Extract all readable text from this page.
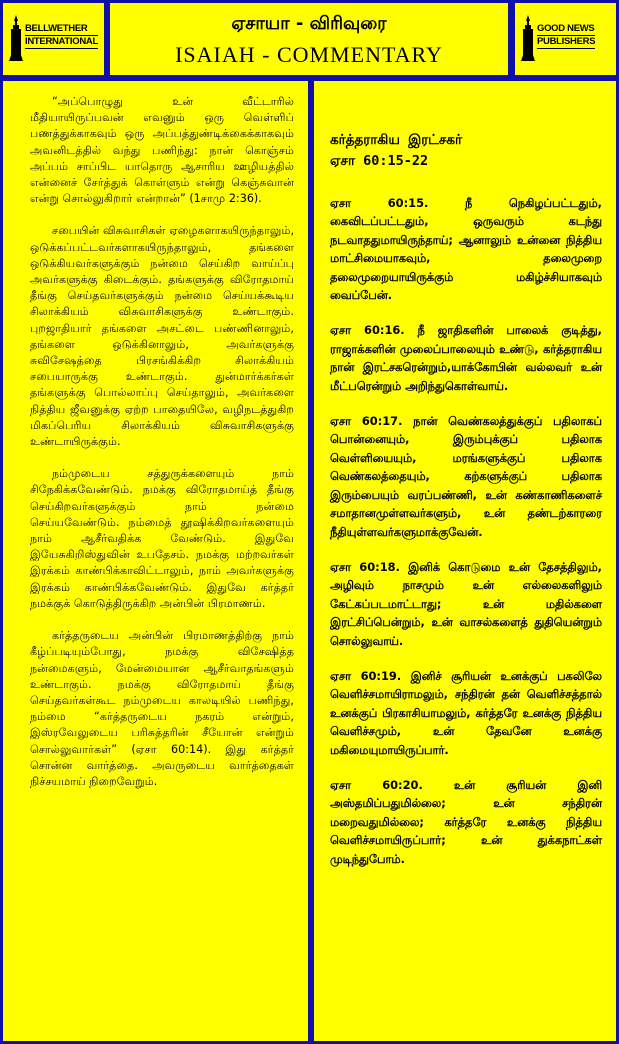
BELLWETHER
INTERNATIONAL
ஏசாயா - விரிவுரை
ISAIAH - COMMENTARY
GOOD NEWS
PUBLISHERS

“அப்பொழுது உன் வீட்டாரில் மீதியாயிருப்பவன் எவனும் ஒரு வெள்ளிப் பணத்துக்காகவும் ஒரு அப்பத்துண்டிக்கைக்காகவும் அவனிடத்தில் வந்து பணிந்து: நான் கொஞ்சம் அப்பம் சாப்பிட யாதொரு ஆசாரிய ஊழியத்தில் என்னைச் சேர்த்துக் கொள்ளும் என்று கெஞ்சுவான் என்று சொல்லுகிறார் என்றான்” (1சாமு 2:36).

சபையின் விசுவாசிகள் ஏழைகளாகயிருந்தாலும், ஒடுக்கப்பட்டவர்களாகயிருந்தாலும், தங்களை ஒடுக்கியவர்களுக்கும் நன்மை செய்கிற வாய்ப்பு அவர்களுக்கு கிடைக்கும். தங்களுக்கு விரோதமாய் தீங்கு செய்தவர்களுக்கும் நன்மை செய்யக்கூடிய சிலாக்கியம் விசுவாசிகளுக்கு உண்டாகும். புறஜாதியார் தங்களை அசட்டை பண்ணினாலும், தங்களை ஒடுக்கினாலும், அவர்களுக்கு சுவிசேஷத்தை பிரசங்கிக்கிற சிலாக்கியம் சபையாருக்கு உண்டாகும். துன்மார்க்கர்கள் தங்களுக்கு பொல்லாப்பு செய்தாலும், அவர்களை நித்திய ஜீவனுக்கு ஏற்ற பாதையிலே, வழிநடத்துகிற மிகப்பெரிய சிலாக்கியம் விசுவாசிகளுக்கு உண்டாயிருக்கும்.

நம்முடைய சத்துருக்களையும் நாம் சிநேகிக்கவேண்டும். நமக்கு விரோதமாய்த் தீங்கு செய்கிறவர்களுக்கும் நாம் நன்மை செய்யவேண்டும். நம்மைத் தூஷிக்கிறவர்களையும் நாம் ஆசீர்வதிக்க வேண்டும். இதுவே இயேசுகிறிஸ்துவின் உபதேசம். நமக்கு மற்றவர்கள் இரக்கம் காண்பிக்காவிட்டாலும், நாம் அவர்களுக்கு இரக்கம் காண்பிக்கவேண்டும். இதுவே கர்த்தர் நமக்குக் கொடுத்திருக்கிற அன்பின் பிரமாணம்.

கர்த்தருடைய அன்பின் பிரமாணத்திற்கு நாம் கீழ்ப்படியும்போது, நமக்கு விசேஷித்த நன்மைகளும், மேன்மையான ஆசீர்வாதங்களும் உண்டாகும். நமக்கு விரோதமாய் தீங்கு செய்தவர்கள்கூட நம்முடைய காலடியில் பணிந்து, நம்மை “கர்த்தருடைய நகரம் என்றும், இஸ்ரவேலுடைய பரிசுத்தரின் சீயோன் என்றும் சொல்லுவார்கள்” (ஏசா 60:14). இது கர்த்தர் சொன்ன வார்த்தை. அவருடைய வார்த்தைகள் நிச்சயமாய் நிறைவேறும்.

கர்த்தராகிய இரட்சகர்
ஏசா 60:15-22

ஏசா 60:15. நீ நெகிழப்பட்டதும், கைவிடப்பட்டதும், ஒருவரும் கடந்து நடவாததுமாயிருந்தாய்; ஆனாலும் உன்னை நித்திய மாட்சிமையாகவும், தலைமுறை தலைமுறையாயிருக்கும் மகிழ்ச்சியாகவும் வைப்பேன்.

ஏசா 60:16. நீ ஜாதிகளின் பாலைக் குடித்து, ராஜாக்களின் முலைப்பாலையும் உண்டு, கர்த்தராகிய நான் இரட்சகரென்றும்,யாக்கோபின் வல்லவர் உன் மீட்பரென்றும் அறிந்துகொள்வாய்.

ஏசா 60:17. நான் வெண்கலத்துக்குப் பதிலாகப் பொன்னையும், இரும்புக்குப் பதிலாக வெள்ளியையும், மரங்களுக்குப் பதிலாக வெண்கலத்தையும், கற்களுக்குப் பதிலாக இரும்பையும் வரப்பண்ணி, உன் கண்காணிகளைச் சமாதானமுள்ளவர்களும், உன் தண்டற்காரரை நீதியுள்ளவர்களுமாக்குவேன்.

ஏசா 60:18. இனிக் கொடுமை உன் தேசத்திலும், அழிவும் நாசமும் உன் எல்லைகளிலும் கேட்கப்படமாட்டாது; உன் மதில்களை இரட்சிப்பென்றும், உன் வாசல்களைத் துதியென்றும் சொல்லுவாய்.

ஏசா 60:19. இனிச் சூரியன் உனக்குப் பகலிலே வெளிச்சமாயிராமலும், சந்திரன் தன் வெளிச்சத்தால் உனக்குப் பிரகாசியாமலும், கர்த்தரே உனக்கு நித்திய வெளிச்சமும், உன் தேவனே உனக்கு மகிமையுமாயிருப்பார்.

ஏசா 60:20. உன் சூரியன் இனி அஸ்தமிப்பதுமில்லை; உன் சந்திரன் மறைவதுமில்லை; கர்த்தரே உனக்கு நித்திய வெளிச்சமாயிருப்பார்; உன் துக்கநாட்கள் முடிந்துபோம்.
